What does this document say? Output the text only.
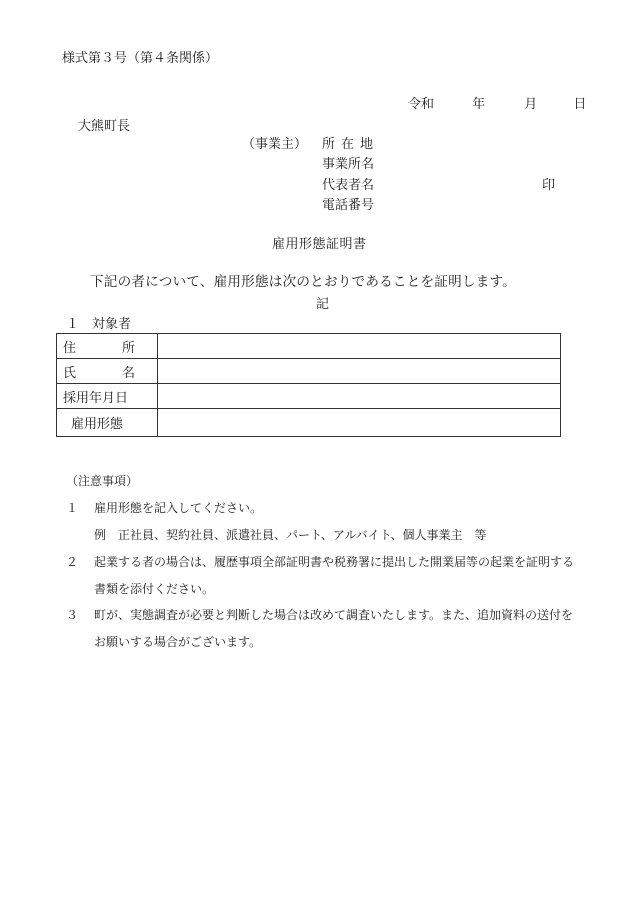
様式第３号（第４条関係）
令和	年	月	日
大熊町長
（事業主） 所在地
事業所名
代表者名	印
電話番号
雇用形態証明書
下記の者について、雇用形態は次のとおりであることを証明します。
記
１ 対象者
住 所	

氏 名	

採用年月日	
雇用形態	
（注意事項）
１ 雇用形態を記入してください。
例　正社員、契約社員、派遣社員、パート、アルバイト、個人事業主　等
２ 起業する者の場合は、履歴事項全部証明書や税務署に提出した開業届等の起業を証明する
書類を添付ください。
３ 町が、実態調査が必要と判断した場合は改めて調査いたします。また、追加資料の送付を
お願いする場合がございます。
